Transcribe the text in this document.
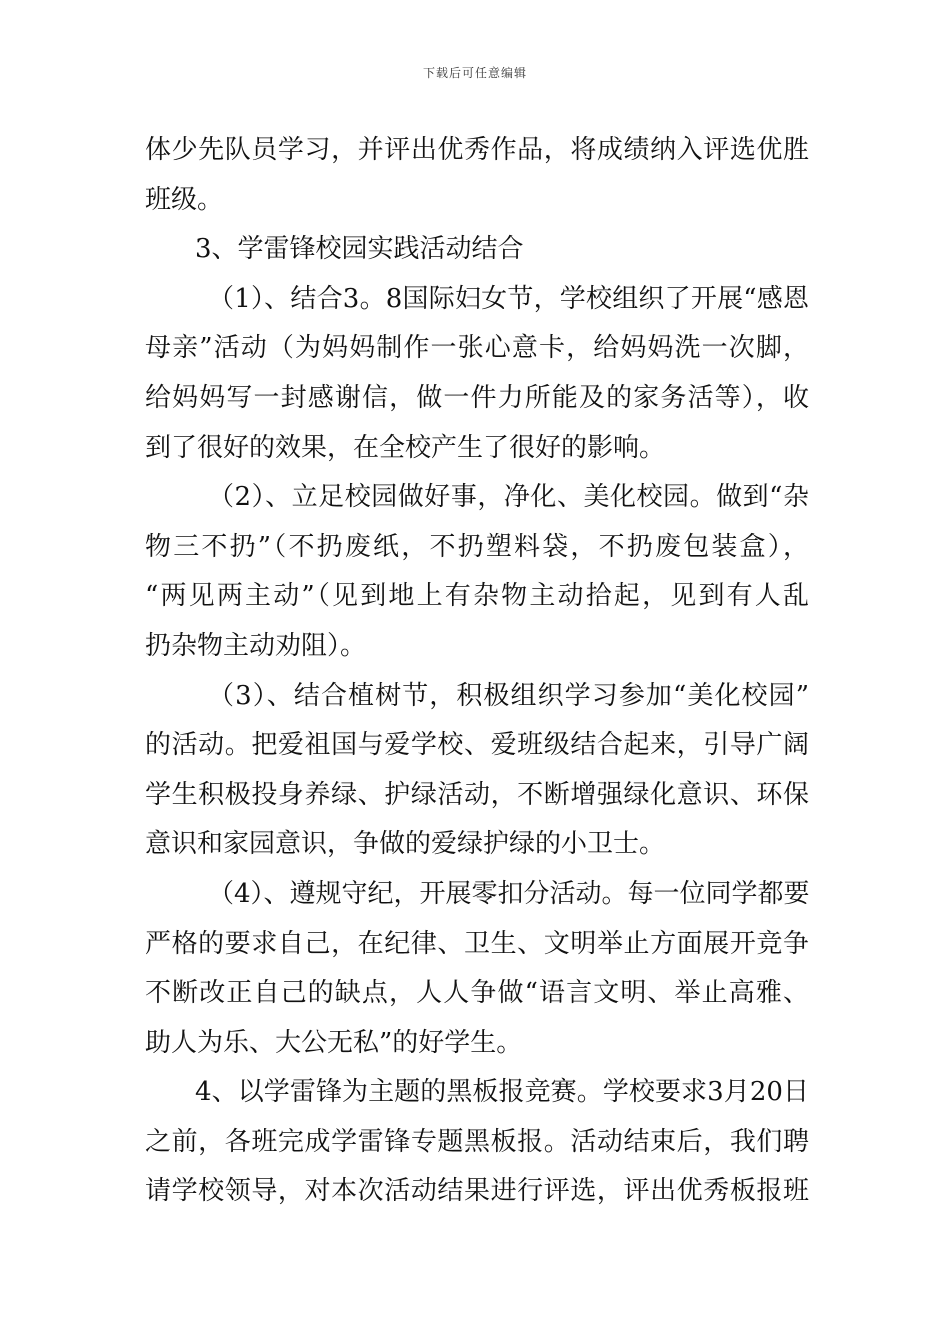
下载后可任意编辑
体少先队员学习，并评出优秀作品，将成绩纳入评选优胜
班级。
3、学雷锋校园实践活动结合
（1）、结合3。8国际妇女节，学校组织了开展“感恩
母亲”活动（为妈妈制作一张心意卡，给妈妈洗一次脚，
给妈妈写一封感谢信，做一件力所能及的家务活等），收
到了很好的效果，在全校产生了很好的影响。
（2）、立足校园做好事，净化、美化校园。做到“杂
物三不扔”（不扔废纸，不扔塑料袋，不扔废包装盒），
“两见两主动”（见到地上有杂物主动拾起，见到有人乱
扔杂物主动劝阻）。
（3）、结合植树节，积极组织学习参加“美化校园”
的活动。把爱祖国与爱学校、爱班级结合起来，引导广阔
学生积极投身养绿、护绿活动，不断增强绿化意识、环保
意识和家园意识，争做的爱绿护绿的小卫士。
（4）、遵规守纪，开展零扣分活动。每一位同学都要
严格的要求自己，在纪律、卫生、文明举止方面展开竞争
不断改正自己的缺点，人人争做“语言文明、举止高雅、
助人为乐、大公无私”的好学生。
4、以学雷锋为主题的黑板报竞赛。学校要求3月20日
之前，各班完成学雷锋专题黑板报。活动结束后，我们聘
请学校领导，对本次活动结果进行评选，评出优秀板报班
